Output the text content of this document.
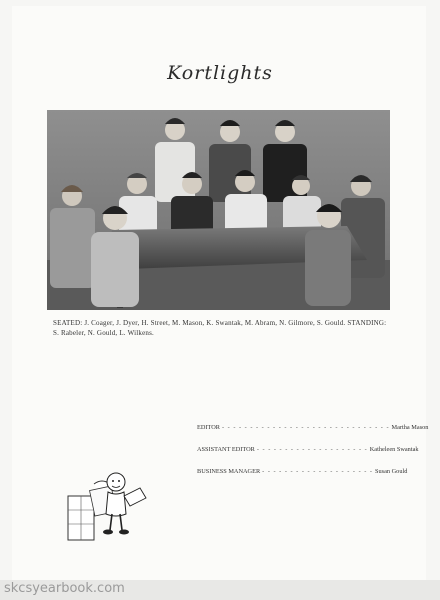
Kortlights
SEATED: J. Coager, J. Dyer, H. Street, M. Mason, K. Swantak, M. Abram, N. Gilmore, S. Gould. STANDING: S. Rabeler, N. Gould, L. Wilkens.
EDITOR - - - - - - - - - - - - - - - - - - - - - - - - - - - - - - Martha Mason
ASSISTANT EDITOR - - - - - - - - - - - - - - - - - - - - Katheleen Swantak
BUSINESS MANAGER - - - - - - - - - - - - - - - - - - - - Susan Gould
skcsyearbook.com
